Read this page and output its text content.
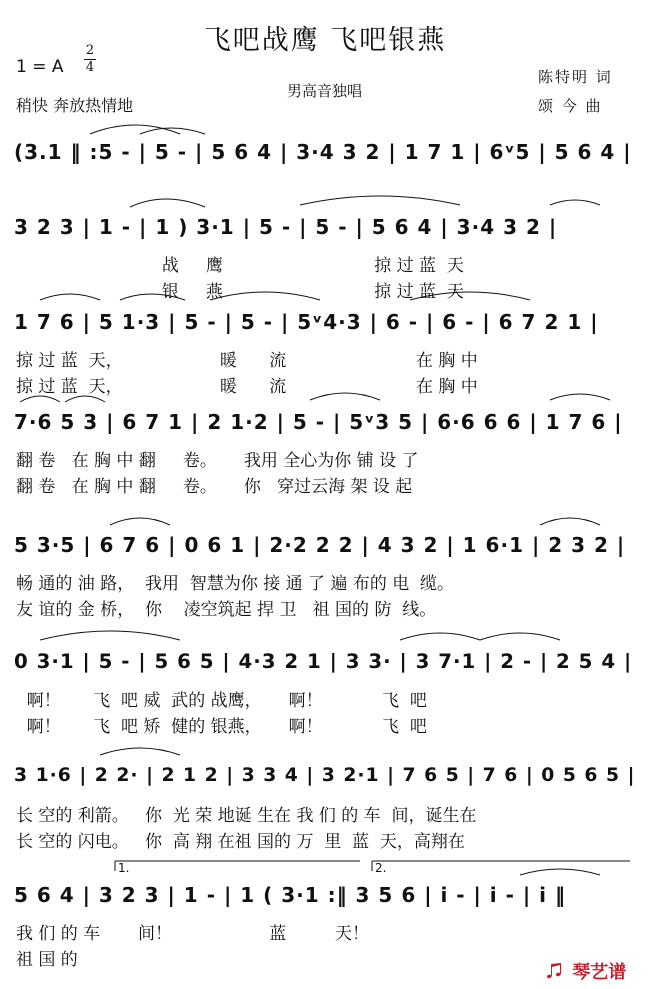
飞吧战鹰 飞吧银燕
1 = A
2
4
稍快 奔放热情地
男高音独唱
陈特明 词
颂 今 曲
(3.1 ‖ :5 - | 5 - | 5 6 4 | 3·4 3 2 | 1 7 1 | 6ᵛ5 | 5 6 4 |
3 2 3 | 1 - | 1 ) 3·1 | 5 - | 5 - | 5 6 4 | 3·4 3 2 |
战     鹰                            掠 过 蓝  天
银     燕                            掠 过 蓝  天
1 7 6 | 5 1·3 | 5 - | 5 - | 5ᵛ4·3 | 6 - | 6 - | 6 7 2 1 |
掠 过 蓝  天，                  暖      流                        在 胸 中
掠 过 蓝  天，                  暖      流                        在 胸 中
7·6 5 3 | 6 7 1 | 2 1·2 | 5 - | 5ᵛ3 5 | 6·6 6 6 | 1 7 6 |
翻 卷   在 胸 中 翻     卷。     我用 全心为你 铺 设 了
翻 卷   在 胸 中 翻     卷。     你   穿过云海 架 设 起
5 3·5 | 6 7 6 | 0 6 1 | 2·2 2 2 | 4 3 2 | 1 6·1 | 2 3 2 |
畅 通的 油 路，  我用  智慧为你 接 通 了 遍 布的 电  缆。
友 谊的 金 桥，  你    凌空筑起 捍 卫   祖 国的 防  线。
0 3·1 | 5 - | 5 6 5 | 4·3 2 1 | 3 3· | 3 7·1 | 2 - | 2 5 4 |
啊！      飞  吧 威  武的 战鹰，     啊！           飞  吧
啊！      飞  吧 矫  健的 银燕，     啊！           飞  吧
3 1·6 | 2 2· | 2 1 2 | 3 3 4 | 3 2·1 | 7 6 5 | 7 6 | 0 5 6 5 |
长 空的 利箭。   你  光 荣 地诞 生在 我 们 的 车  间，诞生在
长 空的 闪电。   你  高 翔 在祖 国的 万  里  蓝  天，高翔在
1.	2.
5 6 4 | 3 2 3 | 1 - | 1 ( 3·1 :‖ 3 5 6 | i - | i - | i ‖
我 们 的 车       间！                  蓝         天！
祖 国 的
琴艺谱
